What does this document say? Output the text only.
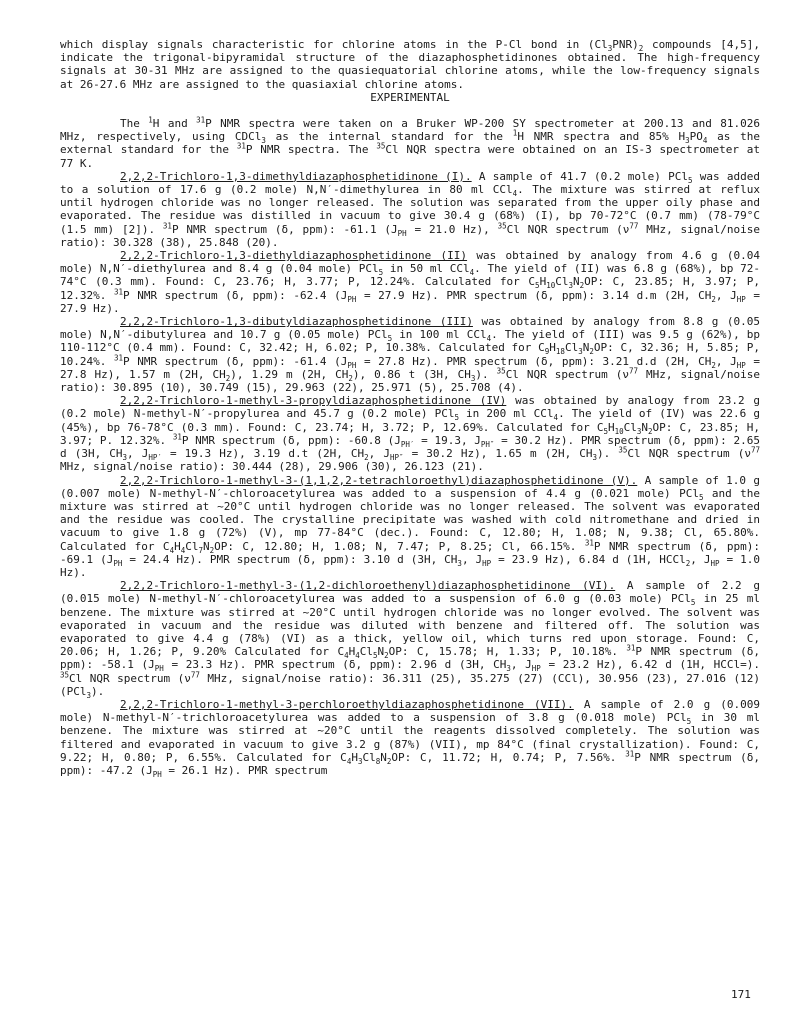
which display signals characteristic for chlorine atoms in the P-Cl bond in $(Cl_3PNR)_2$ compounds [4,5], indicate the trigonal-bipyramidal structure of the diazaphosphetidinones obtained. The high-frequency signals at 30-31 MHz are assigned to the quasiequatorial chlorine atoms, while the low-frequency signals at 26-27.6 MHz are assigned to the quasiaxial chlorine atoms.

EXPERIMENTAL

The $^1$H and $^{31}$P NMR spectra were taken on a Bruker WP-200 SY spectrometer at 200.13 and 81.026 MHz, respectively, using CDCl$_3$ as the internal standard for the $^1$H NMR spectra and 85% $H_3PO_4$ as the external standard for the $^{31}$P NMR spectra. The $^{35}$Cl NQR spectra were obtained on an IS-3 spectrometer at 77 K.

2,2,2-Trichloro-1,3-dimethyldiazaphosphetidinone (I). A sample of 41.7 (0.2 mole) PCl$_5$ was added to a solution of 17.6 g (0.2 mole) N,N′-dimethylurea in 80 ml CCl$_4$. The mixture was stirred at reflux until hydrogen chloride was no longer released. The solution was separated from the upper oily phase and evaporated. The residue was distilled in vacuum to give 30.4 g (68%) (I), bp 70-72°C (0.7 mm) (78-79°C (1.5 mm) [2]). $^{31}$P NMR spectrum (δ, ppm): -61.1 ($J_{PH} = 21.0$ Hz), $^{35}$Cl NQR spectrum ($\nu^{77}$ MHz, signal/noise ratio): 30.328 (38), 25.848 (20).

2,2,2-Trichloro-1,3-diethyldiazaphosphetidinone (II) was obtained by analogy from 4.6 g (0.04 mole) N,N′-diethylurea and 8.4 g (0.04 mole) PCl$_5$ in 50 ml CCl$_4$. The yield of (II) was 6.8 g (68%), bp 72-74°C (0.3 mm). Found: C, 23.76; H, 3.77; P, 12.24%. Calculated for $C_5H_{10}Cl_3N_2OP$: C, 23.85; H, 3.97; P, 12.32%. $^{31}$P NMR spectrum (δ, ppm): -62.4 ($J_{PH} = 27.9$ Hz). PMR spectrum (δ, ppm): 3.14 d.m (2H, $CH_2$, $J_{HP} = 27.9$ Hz).

2,2,2-Trichloro-1,3-dibutyldiazaphosphetidinone (III) was obtained by analogy from 8.8 g (0.05 mole) N,N′-dibutylurea and 10.7 g (0.05 mole) PCl$_5$ in 100 ml CCl$_4$. The yield of (III) was 9.5 g (62%), bp 110-112°C (0.4 mm). Found: C, 32.42; H, 6.02; P, 10.38%. Calculated for $C_9H_{18}Cl_3N_2OP$: C, 32.36; H, 5.85; P, 10.24%. $^{31}$P NMR spectrum (δ, ppm): -61.4 ($J_{PH} = 27.8$ Hz). PMR spectrum (δ, ppm): 3.21 d.d (2H, $CH_2$, $J_{HP} = 27.8$ Hz), 1.57 m (2H, $CH_2$), 1.29 m (2H, $CH_2$), 0.86 t (3H, $CH_3$). $^{35}$Cl NQR spectrum ($\nu^{77}$ MHz, signal/noise ratio): 30.895 (10), 30.749 (15), 29.963 (22), 25.971 (5), 25.708 (4).

2,2,2-Trichloro-1-methyl-3-propyldiazaphosphetidinone (IV) was obtained by analogy from 23.2 g (0.2 mole) N-methyl-N′-propylurea and 45.7 g (0.2 mole) PCl$_5$ in 200 ml CCl$_4$. The yield of (IV) was 22.6 g (45%), bp 76-78°C (0.3 mm). Found: C, 23.74; H, 3.72; P, 12.69%. Calculated for $C_5H_{10}Cl_3N_2OP$: C, 23.85; H, 3.97; P. 12.32%. $^{31}$P NMR spectrum (δ, ppm): -60.8 ($J_{PH'} = 19.3$, $J_{PH''} = 30.2$ Hz). PMR spectrum (δ, ppm): 2.65 d (3H, $CH_3$, $J_{HP'} = 19.3$ Hz), 3.19 d.t (2H, $CH_2$, $J_{HP''} = 30.2$ Hz), 1.65 m (2H, $CH_3$). $^{35}$Cl NQR spectrum ($\nu^{77}$ MHz, signal/noise ratio): 30.444 (28), 29.906 (30), 26.123 (21).

2,2,2-Trichloro-1-methyl-3-(1,1,2,2-tetrachloroethyl)diazaphosphetidinone (V). A sample of 1.0 g (0.007 mole) N-methyl-N′-chloroacetylurea was added to a suspension of 4.4 g (0.021 mole) PCl$_5$ and the mixture was stirred at ~20°C until hydrogen chloride was no longer released. The solvent was evaporated and the residue was cooled. The crystalline precipitate was washed with cold nitromethane and dried in vacuum to give 1.8 g (72%) (V), mp 77-84°C (dec.). Found: C, 12.80; H, 1.08; N, 9.38; Cl, 65.80%. Calculated for $C_4H_4Cl_7N_2OP$: C, 12.80; H, 1.08; N, 7.47; P, 8.25; Cl, 66.15%. $^{31}$P NMR spectrum (δ, ppm): -69.1 ($J_{PH} = 24.4$ Hz). PMR spectrum (δ, ppm): 3.10 d (3H, $CH_3$, $J_{HP} = 23.9$ Hz), 6.84 d (1H, HCCl$_2$, $J_{HP} = 1.0$ Hz).

2,2,2-Trichloro-1-methyl-3-(1,2-dichloroethenyl)diazaphosphetidinone (VI). A sample of 2.2 g (0.015 mole) N-methyl-N′-chloroacetylurea was added to a suspension of 6.0 g (0.03 mole) PCl$_5$ in 25 ml benzene. The mixture was stirred at ~20°C until hydrogen chloride was no longer evolved. The solvent was evaporated in vacuum and the residue was diluted with benzene and filtered off. The solution was evaporated to give 4.4 g (78%) (VI) as a thick, yellow oil, which turns red upon storage. Found: C, 20.06; H, 1.26; P, 9.20% Calculated for $C_4H_4Cl_5N_2OP$: C, 15.78; H, 1.33; P, 10.18%. $^{31}$P NMR spectrum (δ, ppm): -58.1 ($J_{PH} = 23.3$ Hz). PMR spectrum (δ, ppm): 2.96 d (3H, $CH_3$, $J_{HP} = 23.2$ Hz), 6.42 d (1H, HCCl=). $^{35}$Cl NQR spectrum ($\nu^{77}$ MHz, signal/noise ratio): 36.311 (25), 35.275 (27) (CCl), 30.956 (23), 27.016 (12) (PCl$_3$).

2,2,2-Trichloro-1-methyl-3-perchloroethyldiazaphosphetidinone (VII). A sample of 2.0 g (0.009 mole) N-methyl-N′-trichloroacetylurea was added to a suspension of 3.8 g (0.018 mole) PCl$_5$ in 30 ml benzene. The mixture was stirred at ~20°C until the reagents dissolved completely. The solution was filtered and evaporated in vacuum to give 3.2 g (87%) (VII), mp 84°C (final crystallization). Found: C, 9.22; H, 0.80; P, 6.55%. Calculated for $C_4H_3Cl_8N_2OP$: C, 11.72; H, 0.74; P, 7.56%. $^{31}$P NMR spectrum (δ, ppm): -47.2 ($J_{PH} = 26.1$ Hz). PMR spectrum

171
